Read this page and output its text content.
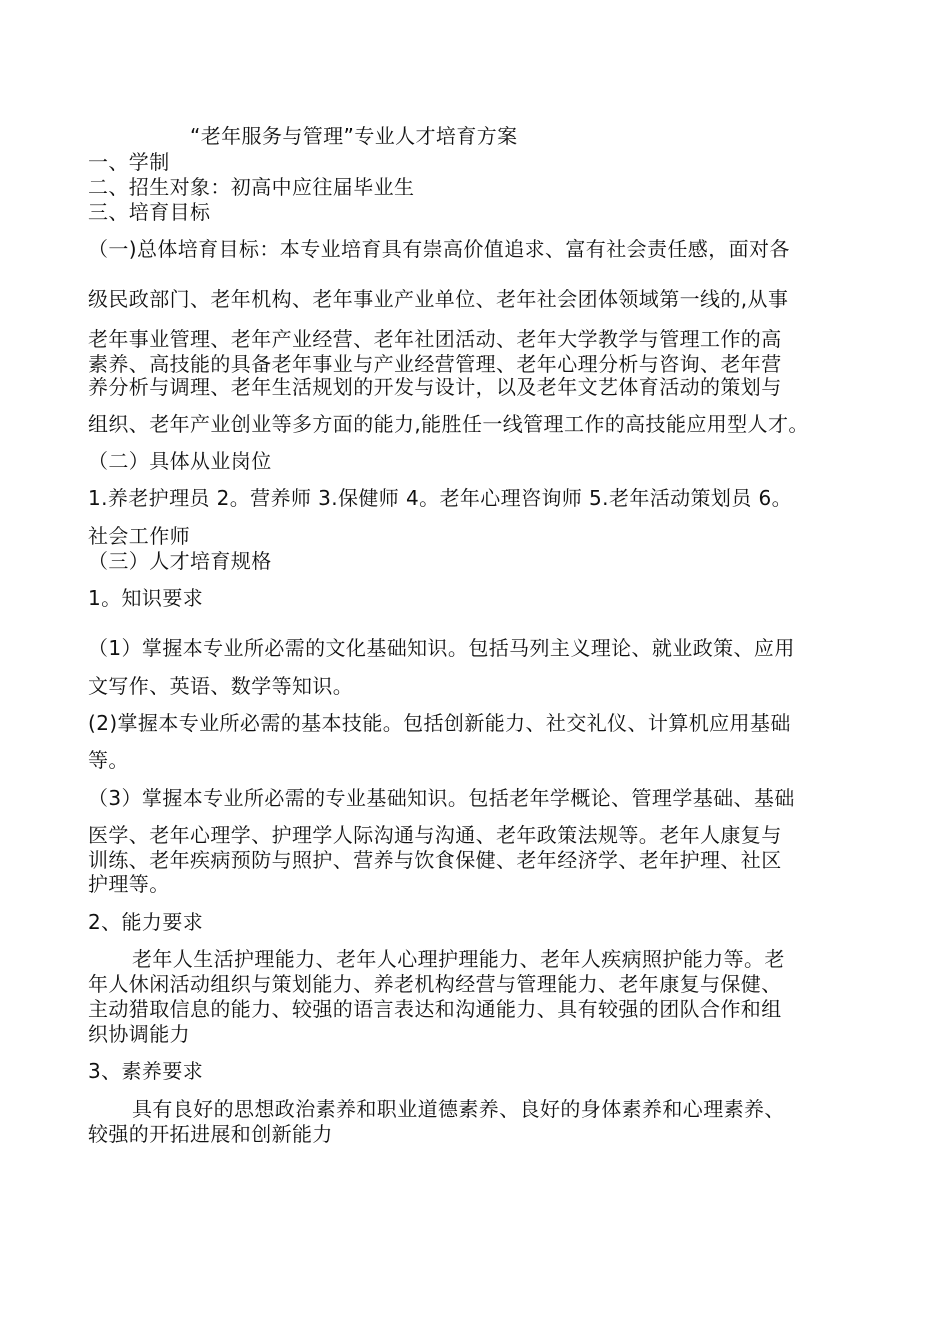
“老年服务与管理”专业人才培育方案
一、学制
二、招生对象：初高中应往届毕业生
三、培育目标
（一)总体培育目标：本专业培育具有崇高价值追求、富有社会责任感，面对各
级民政部门、老年机构、老年事业产业单位、老年社会团体领域第一线的,从事
老年事业管理、老年产业经营、老年社团活动、老年大学教学与管理工作的高
素养、高技能的具备老年事业与产业经营管理、老年心理分析与咨询、老年营
养分析与调理、老年生活规划的开发与设计，以及老年文艺体育活动的策划与
组织、老年产业创业等多方面的能力,能胜任一线管理工作的高技能应用型人才。
（二）具体从业岗位
1.养老护理员 2。营养师 3.保健师 4。老年心理咨询师 5.老年活动策划员 6。
社会工作师
（三）人才培育规格
1。知识要求
（1）掌握本专业所必需的文化基础知识。包括马列主义理论、就业政策、应用
文写作、英语、数学等知识。
(2)掌握本专业所必需的基本技能。包括创新能力、社交礼仪、计算机应用基础
等。
（3）掌握本专业所必需的专业基础知识。包括老年学概论、管理学基础、基础
医学、老年心理学、护理学人际沟通与沟通、老年政策法规等。老年人康复与
训练、老年疾病预防与照护、营养与饮食保健、老年经济学、老年护理、社区
护理等。
2、能力要求
老年人生活护理能力、老年人心理护理能力、老年人疾病照护能力等。老
年人休闲活动组织与策划能力、养老机构经营与管理能力、老年康复与保健、
主动猎取信息的能力、较强的语言表达和沟通能力、具有较强的团队合作和组
织协调能力
3、素养要求
具有良好的思想政治素养和职业道德素养、良好的身体素养和心理素养、
较强的开拓进展和创新能力
